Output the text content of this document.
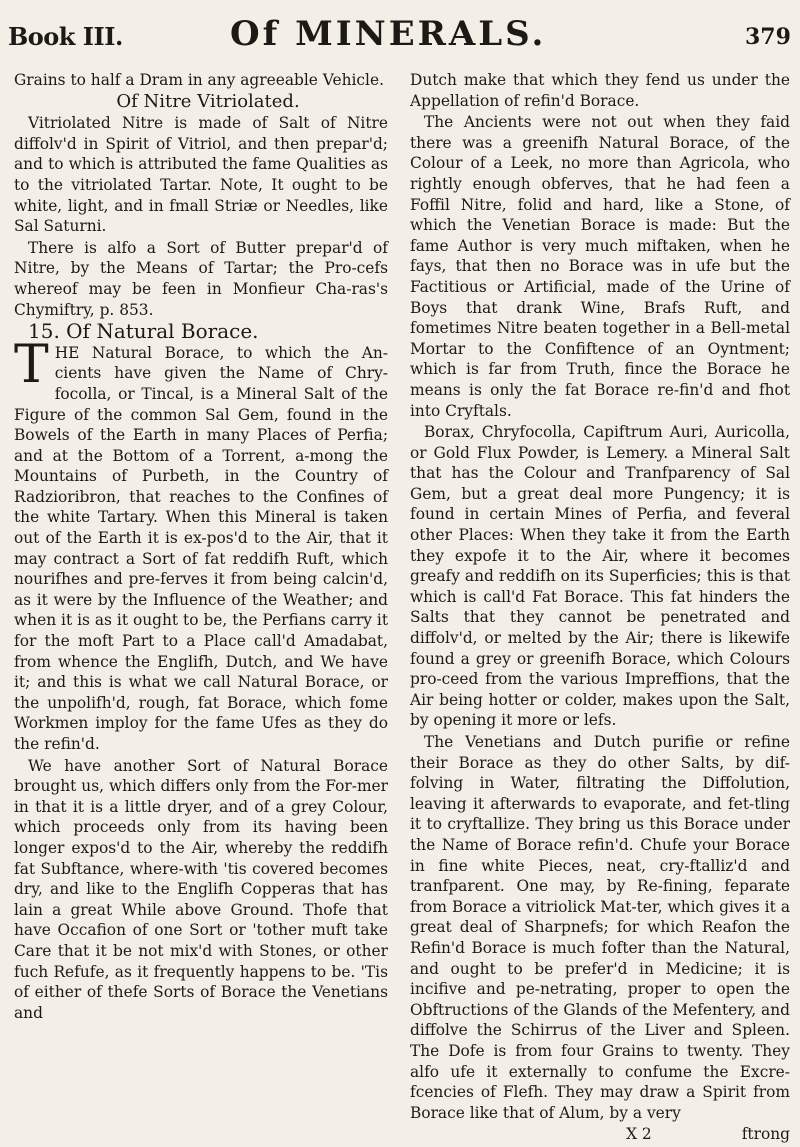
Book III.	Of MINERALS.	379

Grains to half a Dram in any agreeable Vehicle.

Of Nitre Vitriolated.

Vitriolated Nitre is made of Salt of Nitre diffolv'd in Spirit of Vitriol, and then prepar'd; and to which is attributed the fame Qualities as to the vitriolated Tartar. Note, It ought to be white, light, and in fmall Striæ or Needles, like Sal Saturni.

There is alfo a Sort of Butter prepar'd of Nitre, by the Means of Tartar; the Pro-cefs whereof may be feen in Monfieur Cha-ras's Chymiftry, p. 853.

15. Of Natural Borace.

THE Natural Borace, to which the An-cients have given the Name of Chry-focolla, or Tincal, is a Mineral Salt of the Figure of the common Sal Gem, found in the Bowels of the Earth in many Places of Perfia; and at the Bottom of a Torrent, a-mong the Mountains of Purbeth, in the Country of Radzioribron, that reaches to the Confines of the white Tartary. When this Mineral is taken out of the Earth it is ex-pos'd to the Air, that it may contract a Sort of fat reddifh Ruft, which nourifhes and pre-ferves it from being calcin'd, as it were by the Influence of the Weather; and when it is as it ought to be, the Perfians carry it for the moft Part to a Place call'd Amadabat, from whence the Englifh, Dutch, and We have it; and this is what we call Natural Borace, or the unpolifh'd, rough, fat Borace, which fome Workmen imploy for the fame Ufes as they do the refin'd.

We have another Sort of Natural Borace brought us, which differs only from the For-mer in that it is a little dryer, and of a grey Colour, which proceeds only from its having been longer expos'd to the Air, whereby the reddifh fat Subftance, where-with 'tis covered becomes dry, and like to the Englifh Copperas that has lain a great While above Ground. Thofe that have Occafion of one Sort or 'tother muft take Care that it be not mix'd with Stones, or other fuch Refufe, as it frequently happens to be. 'Tis of either of thefe Sorts of Borace the Venetians and

Dutch make that which they fend us under the Appellation of refin'd Borace.

The Ancients were not out when they faid there was a greenifh Natural Borace, of the Colour of a Leek, no more than Agricola, who rightly enough obferves, that he had feen a Foffil Nitre, folid and hard, like a Stone, of which the Venetian Borace is made: But the fame Author is very much miftaken, when he fays, that then no Borace was in ufe but the Factitious or Artificial, made of the Urine of Boys that drank Wine, Brafs Ruft, and fometimes Nitre beaten together in a Bell-metal Mortar to the Confiftence of an Oyntment; which is far from Truth, fince the Borace he means is only the fat Borace re-fin'd and fhot into Cryftals.

Borax, Chryfocolla, Capiftrum Auri, Auricolla, or Gold Flux Powder, is Lemery. a Mineral Salt that has the Colour and Tranfparency of Sal Gem, but a great deal more Pungency; it is found in certain Mines of Perfia, and feveral other Places: When they take it from the Earth they expofe it to the Air, where it becomes greafy and reddifh on its Superficies; this is that which is call'd Fat Borace. This fat hinders the Salts that they cannot be penetrated and diffolv'd, or melted by the Air; there is likewife found a grey or greenifh Borace, which Colours pro-ceed from the various Impreffions, that the Air being hotter or colder, makes upon the Salt, by opening it more or lefs.

The Venetians and Dutch purifie or refine their Borace as they do other Salts, by dif-folving in Water, filtrating the Diffolution, leaving it afterwards to evaporate, and fet-tling it to cryftallize. They bring us this Borace under the Name of Borace refin'd. Chufe your Borace in fine white Pieces, neat, cry-ftalliz'd and tranfparent. One may, by Re-fining, feparate from Borace a vitriolick Mat-ter, which gives it a great deal of Sharpnefs; for which Reafon the Refin'd Borace is much fofter than the Natural, and ought to be prefer'd in Medicine; it is incifive and pe-netrating, proper to open the Obftructions of the Glands of the Mefentery, and diffolve the Schirrus of the Liver and Spleen. The Dofe is from four Grains to twenty. They alfo ufe it externally to confume the Excre-fcencies of Flefh. They may draw a Spirit from Borace like that of Alum, by a very

X 2	ftrong
